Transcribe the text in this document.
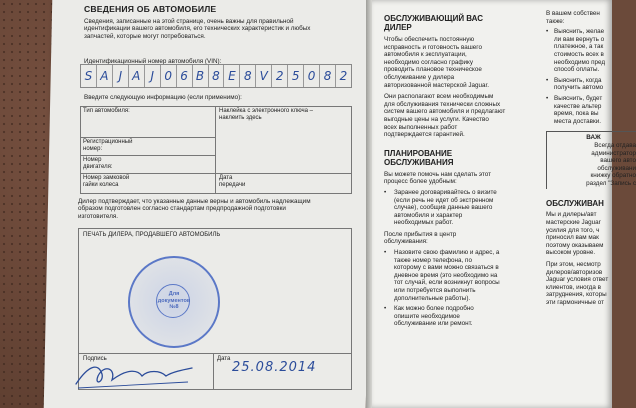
СВЕДЕНИЯ ОБ АВТОМОБИЛЕ
Сведения, записанные на этой странице, очень важны для правильной
идентификации вашего автомобиля, его технических характеристик и любых
запчастей, которые могут потребоваться.
Идентификационный номер автомобиля (VIN):
S A J A J 0 6 B 8 E 8 V 2 5 0 8 2
Введите следующую информацию (если применимо):
Тип автомобиля:	Наклейка с электронного ключа –
наклеить здесь
Регистрационный
номер:
Номер
двигателя:
Номер замковой
гайки колеса
Дата
передачи
Дилер подтверждает, что указанные данные верны и автомобиль надлежащим
образом подготовлен согласно стандартам предпродажной подготовки
изготовителя.
ПЕЧАТЬ ДИЛЕРА, ПРОДАВШЕГО АВТОМОБИЛЬ
Подпись	Дата
Для
документов
№8
25.08.2014
ОБСЛУЖИВАЮЩИЙ ВАС
ДИЛЕР
Чтобы обеспечить постоянную
исправность и готовность вашего
автомобиля к эксплуатации,
необходимо согласно графику
проводить плановое техническое
обслуживание у дилера
авторизованной мастерской Jaguar.
Они располагают всем необходимым
для обслуживания технически сложных
систем вашего автомобиля и предлагают
выгодные цены на услуги. Качество
всех выполненных работ
подтверждается гарантией.
ПЛАНИРОВАНИЕ
ОБСЛУЖИВАНИЯ
Вы можете помочь нам сделать этот
процесс более удобным:
• Заранее договаривайтесь о визите
(если речь не идет об экстренном
случае), сообщив данные вашего
автомобиля и характер
необходимых работ.
После прибытия в центр
обслуживания:
• Назовите свою фамилию и адрес, а
также номер телефона, по
которому с вами можно связаться в
дневное время (это необходимо на
тот случай, если возникнут вопросы
или потребуется выполнить
дополнительные работы).
• Как можно более подробно
опишите необходимое
обслуживание или ремонт.
В вашем собствен
также:
• Выяснить, желае
ли вам вернуть о
платежное, а так
стоимость всех в
необходимо пред
способ оплаты.
• Выяснить, когда
получить автомо
• Выяснить, будет
качестве альтер
время, пока вы
места доставки.
ВАЖ
Всегда отдава
администратор
вашего авто
обслуживани
книжку обратно
раздел "Запись с
ОБСЛУЖИВАН
Мы и дилеры/авт
мастерские Jaguar
усилия для того, ч
приносил вам мак
поэтому оказываем
высоком уровне.
При этом, несмотр
дилеров/авторизов
Jaguar условия ответ
клиентов, иногда в
затруднения, которы
эти гармоничные от
